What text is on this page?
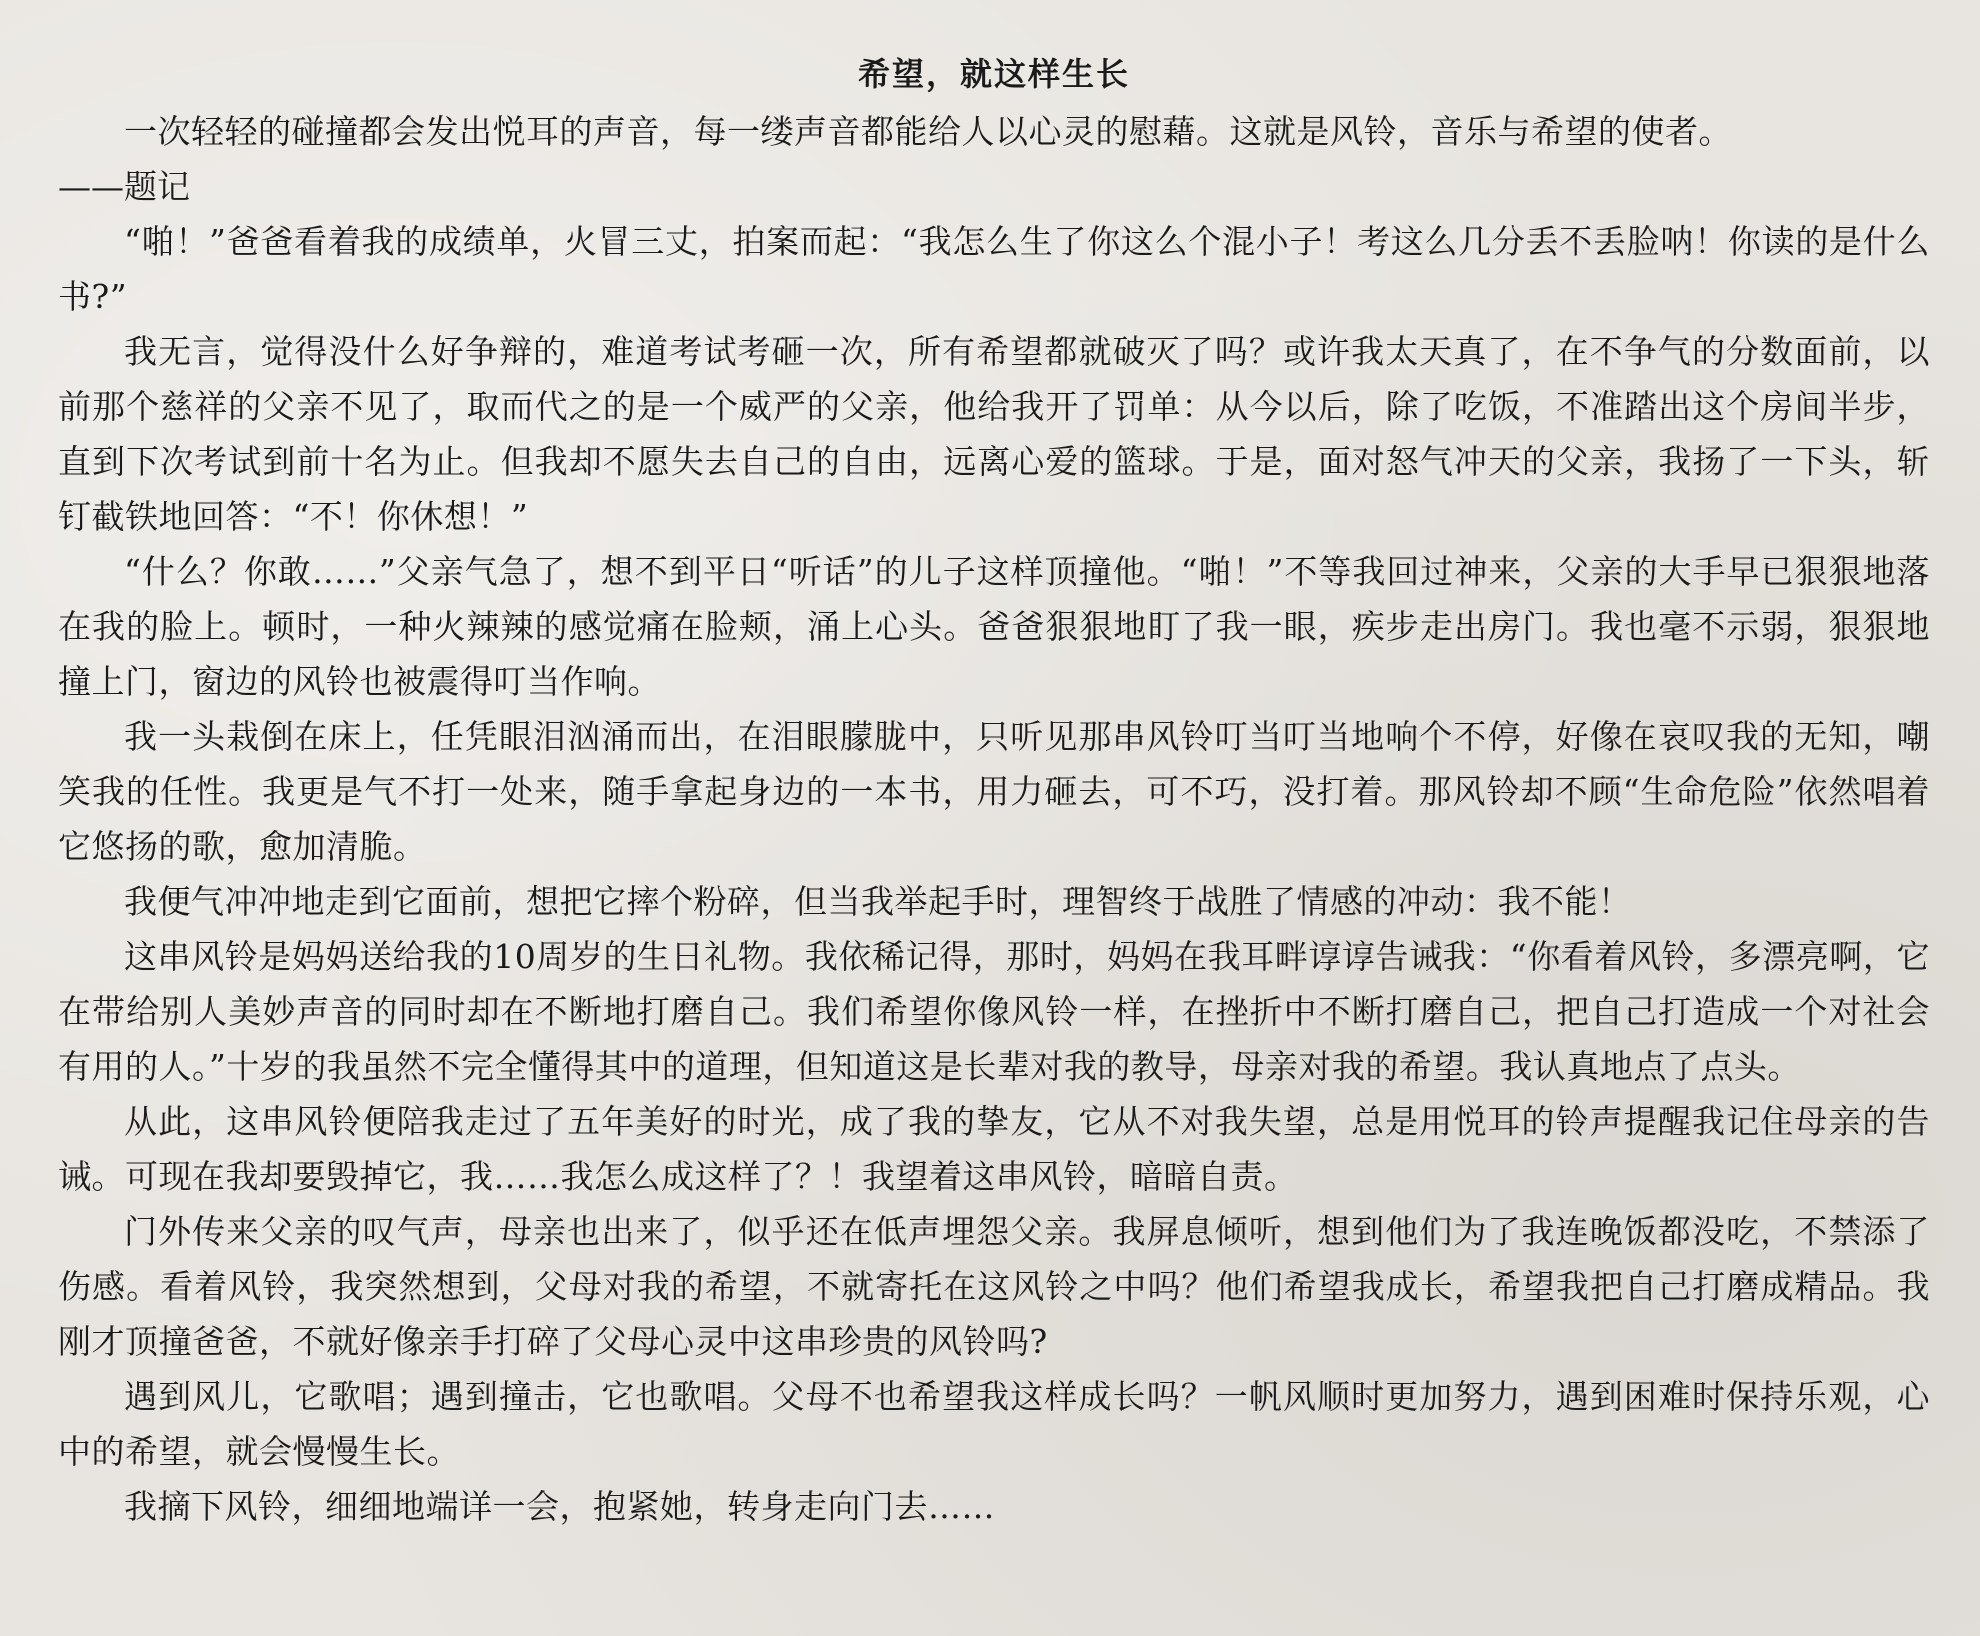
希望，就这样生长

一次轻轻的碰撞都会发出悦耳的声音，每一缕声音都能给人以心灵的慰藉。这就是风铃，音乐与希望的使者。

——题记

“啪！”爸爸看着我的成绩单，火冒三丈，拍案而起：“我怎么生了你这么个混小子！考这么几分丢不丢脸呐！你读的是什么书?”

我无言，觉得没什么好争辩的，难道考试考砸一次，所有希望都就破灭了吗？或许我太天真了，在不争气的分数面前，以前那个慈祥的父亲不见了，取而代之的是一个威严的父亲，他给我开了罚单：从今以后，除了吃饭，不准踏出这个房间半步，直到下次考试到前十名为止。但我却不愿失去自己的自由，远离心爱的篮球。于是，面对怒气冲天的父亲，我扬了一下头，斩钉截铁地回答：“不！你休想！”

“什么？你敢……”父亲气急了，想不到平日“听话”的儿子这样顶撞他。“啪！”不等我回过神来，父亲的大手早已狠狠地落在我的脸上。顿时，一种火辣辣的感觉痛在脸颊，涌上心头。爸爸狠狠地盯了我一眼，疾步走出房门。我也毫不示弱，狠狠地撞上门，窗边的风铃也被震得叮当作响。

我一头栽倒在床上，任凭眼泪汹涌而出，在泪眼朦胧中，只听见那串风铃叮当叮当地响个不停，好像在哀叹我的无知，嘲笑我的任性。我更是气不打一处来，随手拿起身边的一本书，用力砸去，可不巧，没打着。那风铃却不顾“生命危险”依然唱着它悠扬的歌，愈加清脆。

我便气冲冲地走到它面前，想把它摔个粉碎，但当我举起手时，理智终于战胜了情感的冲动：我不能！

这串风铃是妈妈送给我的10周岁的生日礼物。我依稀记得，那时，妈妈在我耳畔谆谆告诫我：“你看着风铃，多漂亮啊，它在带给别人美妙声音的同时却在不断地打磨自己。我们希望你像风铃一样，在挫折中不断打磨自己，把自己打造成一个对社会有用的人。”十岁的我虽然不完全懂得其中的道理，但知道这是长辈对我的教导，母亲对我的希望。我认真地点了点头。

从此，这串风铃便陪我走过了五年美好的时光，成了我的挚友，它从不对我失望，总是用悦耳的铃声提醒我记住母亲的告诫。可现在我却要毁掉它，我……我怎么成这样了？！我望着这串风铃，暗暗自责。

门外传来父亲的叹气声，母亲也出来了，似乎还在低声埋怨父亲。我屏息倾听，想到他们为了我连晚饭都没吃，不禁添了伤感。看着风铃，我突然想到，父母对我的希望，不就寄托在这风铃之中吗？他们希望我成长，希望我把自己打磨成精品。我刚才顶撞爸爸，不就好像亲手打碎了父母心灵中这串珍贵的风铃吗?

遇到风儿，它歌唱；遇到撞击，它也歌唱。父母不也希望我这样成长吗？一帆风顺时更加努力，遇到困难时保持乐观，心中的希望，就会慢慢生长。

我摘下风铃，细细地端详一会，抱紧她，转身走向门去……
